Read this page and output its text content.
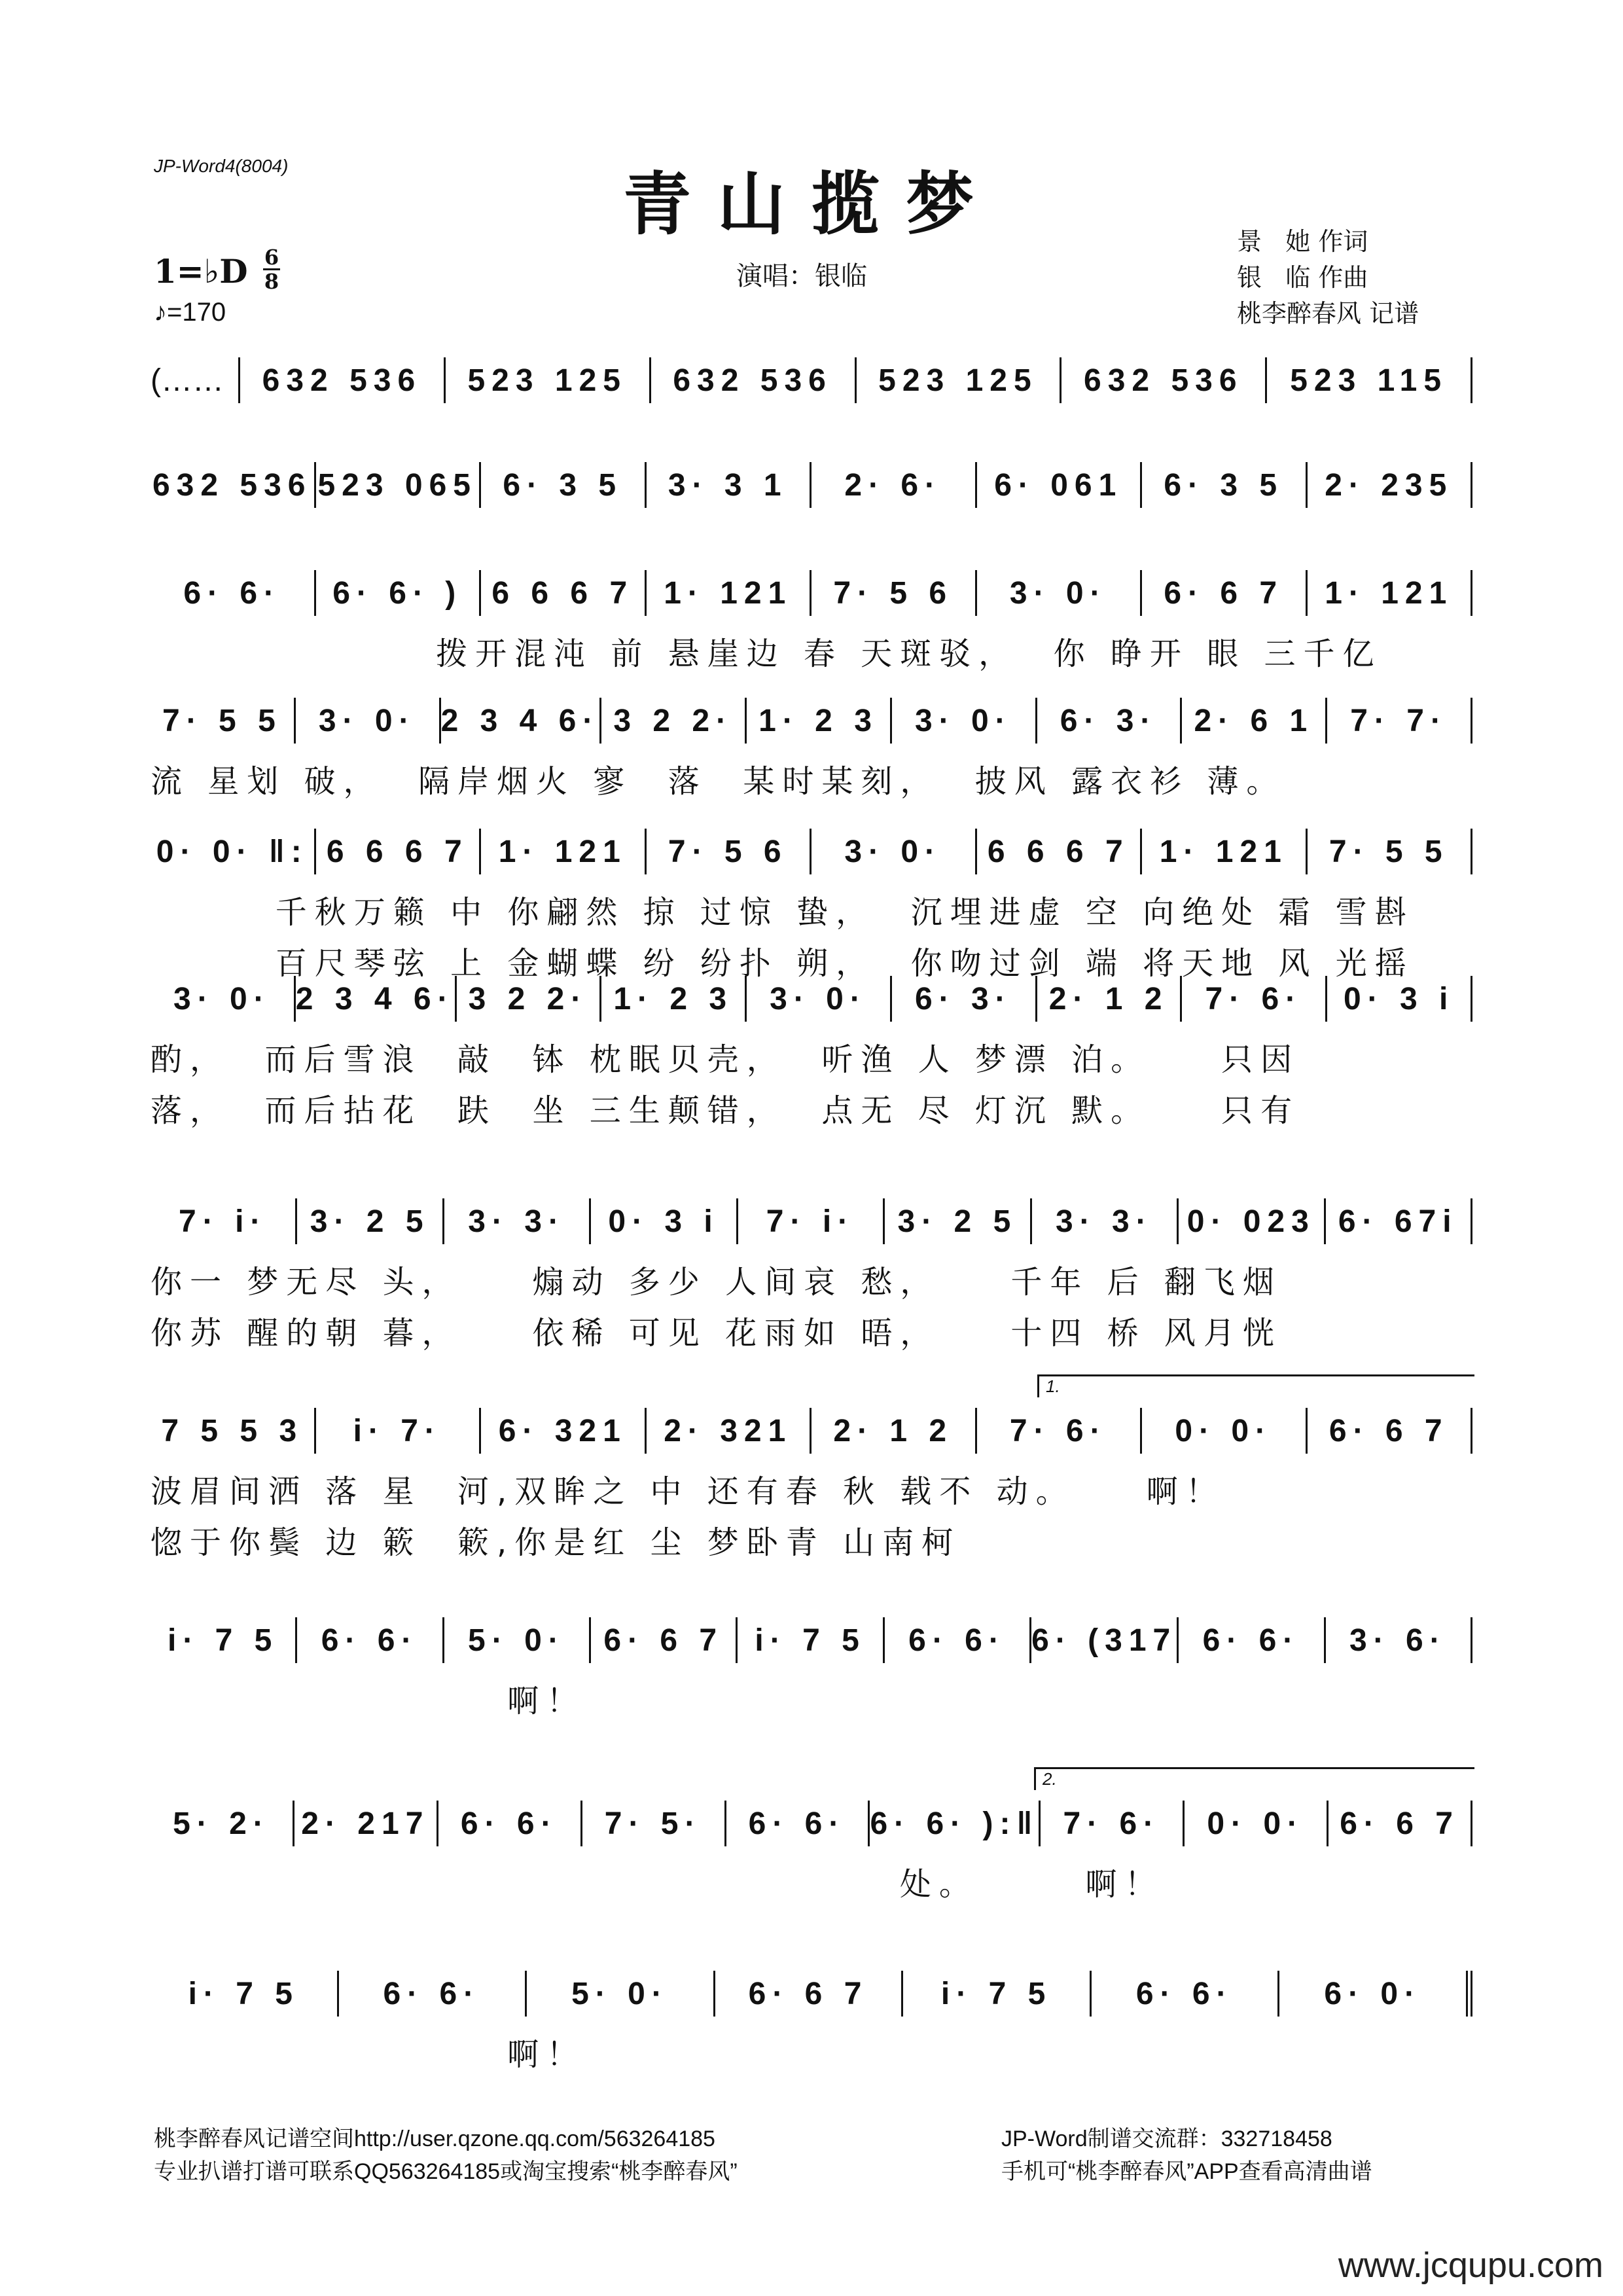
JP-Word4(8004)	青山揽梦
1=♭D 6
8
♪=170
演唱：银临
景   她 作词
银   临 作曲
桃李醉春风 记谱
(……	632 536	523 125	632 536	523 125	632 536	523 115
632 536 523 065 6· 3 5	3· 3 1	2· 6·	6· 061	6· 3 5	2· 235
6· 6·	6· 6· ) 6 6 6 7 1· 121	7· 5 6	3· 0·	6· 6 7	1· 121
拨开混沌 前 悬崖边 春 天斑驳，  你 睁开 眼 三千亿
7· 5 5	3· 0· 2 3 4 6· 3 2 2· 1· 2 3	3· 0·	6· 3·	2· 6 1	7· 7·
流 星划 破，  隔岸烟火 寥  落  某时某刻，  披风 露衣衫 薄。
0· 0· ‖: 6 6 6 7 1· 121	7· 5 6	3· 0·	6 6 6 7 1· 121	7· 5 5
千秋万籁 中 你翩然 掠 过惊 蛰，  沉埋进虚 空 向绝处 霜 雪斟
百尺琴弦 上 金蝴蝶 纷 纷扑 朔，  你吻过剑 端 将天地 风 光摇
3· 0· 2 3 4 6· 3 2 2· 1· 2 3	3· 0·	6· 3·	2· 1 2	7· 6·	0· 3 i
酌，  而后雪浪  敲  钵 枕眠贝壳，  听渔 人 梦漂 泊。    只因
落，  而后拈花  趺  坐 三生颠错，  点无 尽 灯沉 默。    只有
7· i·	3· 2 5	3· 3·	0· 3 i	7· i·	3· 2 5	3· 3·	0· 023 6· 67i
你一 梦无尽 头，    煽动 多少 人间哀 愁，    千年 后 翻飞烟
你苏 醒的朝 暮，    依稀 可见 花雨如 晤，    十四 桥 风月恍
1.
7 5 5 3	i· 7·	6· 321	2· 321	2· 1 2	7· 6·	0· 0·	6· 6 7
波眉间洒 落 星  河,双眸之 中 还有春 秋 载不 动。    啊！
惚于你鬓 边 簌  簌,你是红 尘 梦卧青 山南柯
i· 7 5	6· 6·	5· 0·	6· 6 7	i· 7 5	6· 6· 6· (317 6· 6·	3· 6·
啊！
2.
5· 2· 2· 217 6· 6·	7· 5·	6· 6· 6· 6· ):‖ 7· 6·	0· 0·	6· 6 7
处。      啊！
i· 7 5	6· 6·	5· 0·	6· 6 7	i· 7 5	6· 6·	6· 0·
啊！
桃李醉春风记谱空间http://user.qzone.qq.com/563264185
专业扒谱打谱可联系QQ563264185或淘宝搜索“桃李醉春风”
JP-Word制谱交流群：332718458
手机可“桃李醉春风”APP查看高清曲谱
www.jcqupu.com
